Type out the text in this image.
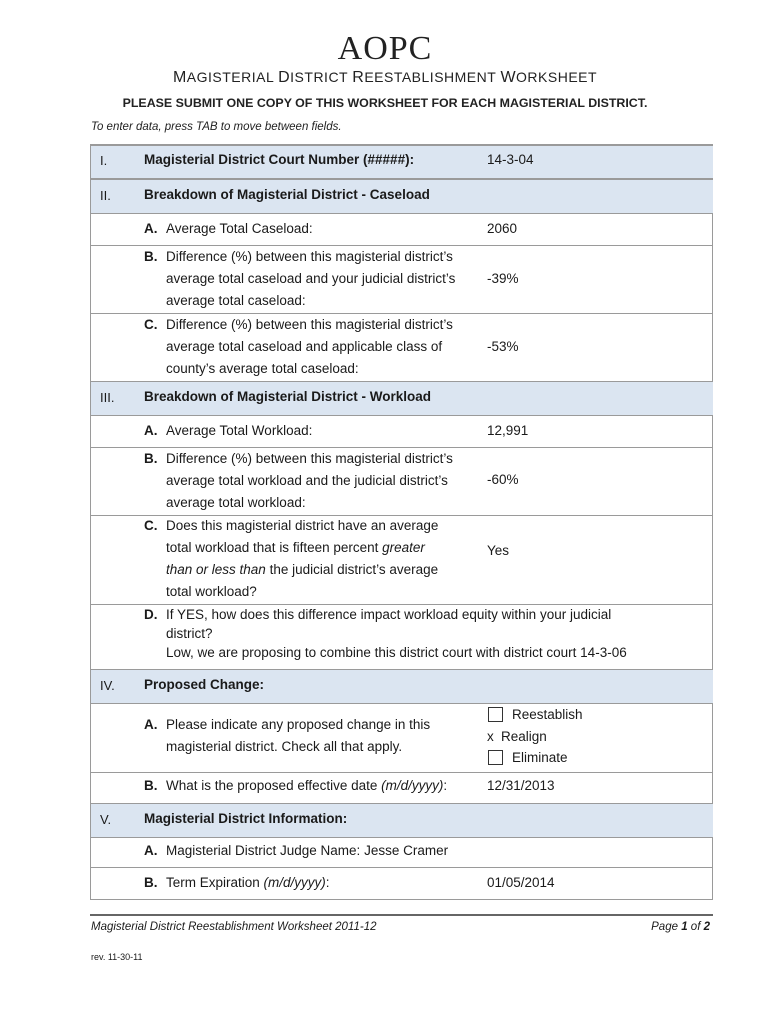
AOPC
MAGISTERIAL DISTRICT REESTABLISHMENT WORKSHEET
PLEASE SUBMIT ONE COPY OF THIS WORKSHEET FOR EACH MAGISTERIAL DISTRICT.
To enter data, press TAB to move between fields.
I.	Magisterial District Court Number (#####):	14-3-04
II. Breakdown of Magisterial District - Caseload
A. Average Total Caseload:	2060
B. Difference (%) between this magisterial district’s
average total caseload and your judicial district’s
average total caseload:
-39%
C. Difference (%) between this magisterial district’s
average total caseload and applicable class of
county’s average total caseload:
-53%
III. Breakdown of Magisterial District - Workload
A. Average Total Workload:	12,991
B. Difference (%) between this magisterial district’s
average total workload and the judicial district’s
average total workload:
-60%
C. Does this magisterial district have an average
total workload that is fifteen percent greater
than or less than the judicial district’s average
total workload?
Yes
D. If YES, how does this difference impact workload equity within your judicial
district?
Low, we are proposing to combine this district court with district court 14-3-06
IV. Proposed Change:
A. Please indicate any proposed change in this
magisterial district. Check all that apply.
Reestablish
x Realign
Eliminate
B. What is the proposed effective date (m/d/yyyy):	12/31/2013
V. Magisterial District Information:
A. Magisterial District Judge Name: Jesse Cramer
B. Term Expiration (m/d/yyyy):	01/05/2014
Magisterial District Reestablishment Worksheet 2011-12	Page 1 of 2
rev. 11-30-11
